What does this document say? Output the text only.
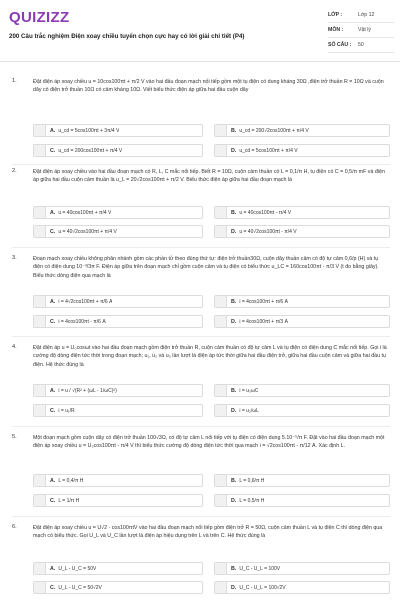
QUIZIZZ
200 Câu trắc nghiệm Điện xoay chiều tuyển chọn cực hay có lời giải chi tiết (P4)
LỚP :	Lớp 12
MÔN :	Vật lý
SỐ CÂU :	50
1.	Đặt điện áp xoay chiều u = 10cos100πt + π/2 V vào hai đầu đoạn mạch nối tiếp gồm một tụ điện có dung kháng 30Ω ,điện trở thuần R = 10Ω và cuộn dây có điện trở thuần 10Ω có cảm kháng 10Ω. Viết biểu thức điện áp giữa hai đầu cuộn dây
A. u_cd = 5cos100πt + 3π/4 V	B. u_cd = 200√2cos100πt + π/4 V
C. u_cd = 200cos100πt + π/4 V	D. u_cd = 5cos100πt + π/4 V
2.	Đặt điện áp xoay chiều vào hai đầu đoạn mạch có R, L, C mắc nối tiếp. Biết R = 10Ω, cuộn cảm thuần có L = 0,1/π H, tụ điện có C = 0,5/π mF và điện áp giữa hai đầu cuộn cảm thuần là u_L = 20√2cos100πt + π/2 V. Biểu thức điện áp giữa hai đầu đoạn mạch là
A. u = 40cos100πt + π/4 V	B. u = 40cos100πt - π/4 V
C. u = 40√2cos100πt + π/4 V	D. u = 40√2cos100πt - π/4 V
3.	Đoạn mạch xoay chiều không phân nhánh gồm các phần tử theo đúng thứ tự: điện trở thuần30Ω, cuộn dây thuần cảm có độ tự cảm 0,6/p (H) và tụ điện có điện dung 10⁻³/3π F. Điện áp giữa trên đoạn mạch chỉ gồm cuộn cảm và tụ điện có biểu thức u_LC = 160cos100πt - π/3 V (t đo bằng giây). Biểu thức dòng điện qua mạch là
A. i = 4√2cos100πt + π/6 A	B. i = 4cos100πt + π/6 A
C. i = 4cos100πt - π/6 A	D. i = 4cos100πt + π/3 A
4.	Đặt điện áp u = U₀cosωt vào hai đầu đoạn mạch gồm điện trở thuần R, cuộn cảm thuần có độ tự cảm L và tụ điện có điện dung C mắc nối tiếp. Gọi i là cường độ dòng điện tức thời trong đoạn mạch; u₁, u₂ và u₃ lần lượt là điện áp tức thời giữa hai đầu điện trở, giữa hai đầu cuộn cảm và giữa hai đầu tụ điện. Hệ thức đúng là
A. i = u / √(R² + (ωL - 1/ωC)²)	B. i = u₃ωC
C. i = u₁/R	D. i = u₂/ωL
5.	Một đoạn mạch gồm cuộn dây có điện trở thuần 100√3Ω, có độ tự cảm L nối tiếp với tụ điện có điện dung 5.10⁻⁵/π F. Đặt vào hai đầu đoạn mạch một điện áp xoay chiều u = U₀cos100πt - π/4 V thì biểu thức cường độ dòng điện tức thời qua mạch i = √2cos100πt - π/12 A. Xác định L.
A. L = 0,4/π H	B. L = 0,6/π H
C. L = 1/π H	D. L = 0,5/π H
6.	Đặt điện áp xoay chiều u = U√2 · cos100πtV vào hai đầu đoạn mạch nối tiếp gồm điện trở R = 50Ω, cuộn cảm thuần L và tụ điện C thì dòng điện qua mạch có biểu thức. Gọi U_L và U_C lần lượt là điện áp hiệu dụng trên L và trên C. Hệ thức đúng là
A. U_L - U_C = 50V	B. U_C - U_L = 100V
C. U_L - U_C = 50√2V	D. U_C - U_L = 100√2V
